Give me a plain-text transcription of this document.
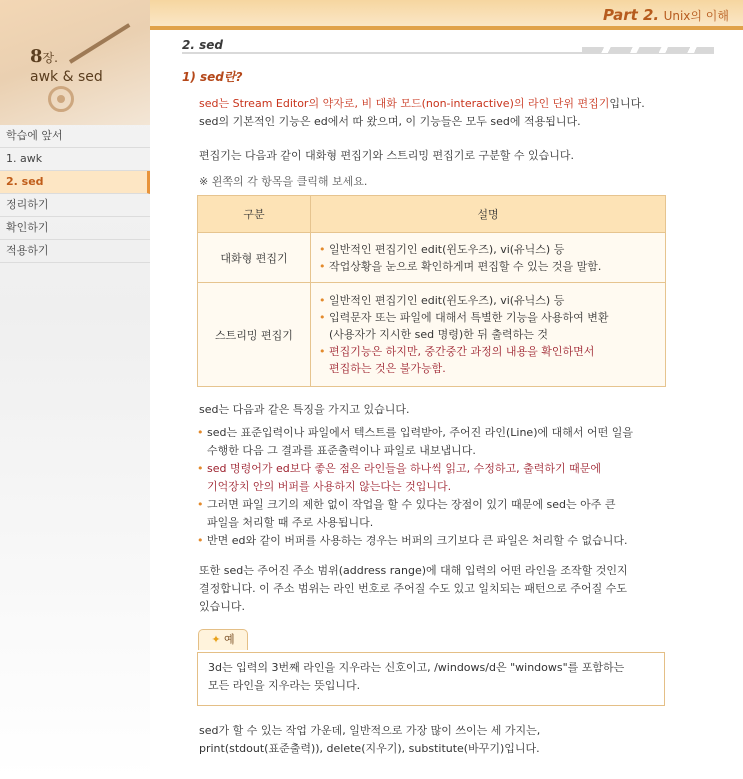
Part 2. Unix의 이해
8장.
awk & sed
학습에 앞서
1. awk
2. sed
정리하기
확인하기
적용하기
2. sed
1) sed란?
sed는 Stream Editor의 약자로, 비 대화 모드(non-interactive)의 라인 단위 편집기입니다.
sed의 기본적인 기능은 ed에서 따 왔으며, 이 기능들은 모두 sed에 적용됩니다.
편집기는 다음과 같이 대화형 편집기와 스트리밍 편집기로 구분할 수 있습니다.
※ 왼쪽의 각 항목을 클릭해 보세요.
구분	설명
대화형 편집기	• 일반적인 편집기인 edit(윈도우즈), vi(유닉스) 등
• 작업상황을 눈으로 확인하게며 편집할 수 있는 것을 말함.

스트리밍 편집기	• 일반적인 편집기인 edit(윈도우즈), vi(유닉스) 등
• 입력문자 또는 파일에 대해서 특별한 기능을 사용하여 변환
(사용자가 지시한 sed 명령)한 뒤 출력하는 것
• 편집기능은 하지만, 중간중간 과정의 내용을 확인하면서
편집하는 것은 불가능함.
sed는 다음과 같은 특징을 가지고 있습니다.
• sed는 표준입력이나 파일에서 텍스트를 입력받아, 주어진 라인(Line)에 대해서 어떤 일을
수행한 다음 그 결과를 표준출력이나 파일로 내보냅니다.
• sed 명령어가 ed보다 좋은 점은 라인들을 하나씩 읽고, 수정하고, 출력하기 때문에
기억장치 안의 버퍼를 사용하지 않는다는 것입니다.
• 그러면 파일 크기의 제한 없이 작업을 할 수 있다는 장점이 있기 때문에 sed는 아주 큰
파일을 처리할 때 주로 사용됩니다.
• 반면 ed와 같이 버퍼를 사용하는 경우는 버퍼의 크기보다 큰 파일은 처리할 수 없습니다.
또한 sed는 주어진 주소 범위(address range)에 대해 입력의 어떤 라인을 조작할 것인지
결정합니다. 이 주소 범위는 라인 번호로 주어질 수도 있고 일치되는 패턴으로 주어질 수도
있습니다.
✦ 예
3d는 입력의 3번째 라인을 지우라는 신호이고, /windows/d은 "windows"를 포함하는
모든 라인을 지우라는 뜻입니다.
sed가 할 수 있는 작업 가운데, 일반적으로 가장 많이 쓰이는 세 가지는,
print(stdout(표준출력)), delete(지우기), substitute(바꾸기)입니다.
